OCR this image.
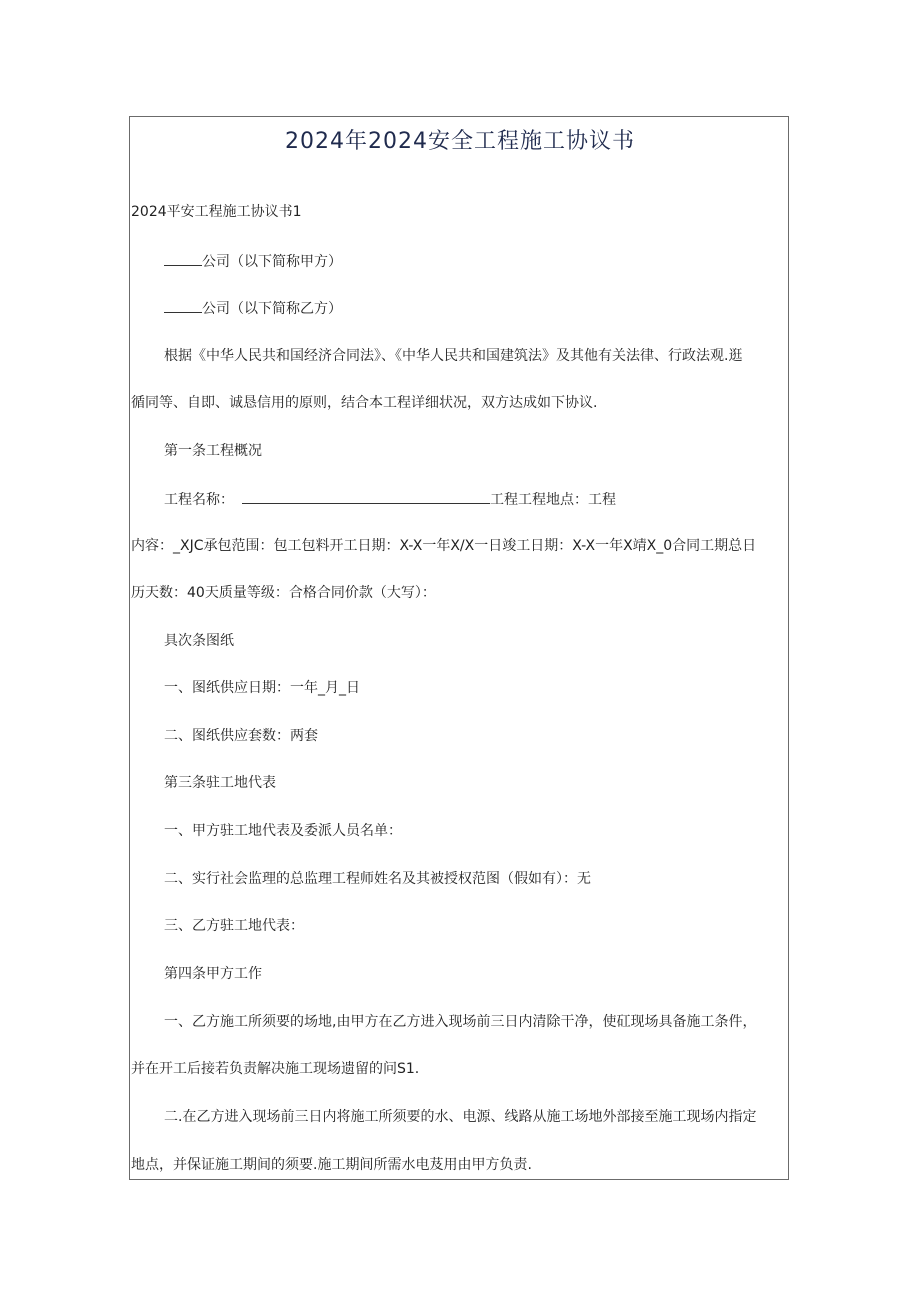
2024年2024安全工程施工协议书
2024平安工程施工协议书1
公司（以下简称甲方）
公司（以下简称乙方）
根据《中华人民共和国经济合同法》、《中华人民共和国建筑法》及其他有关法律、行政法观.逛
循同等、自即、诚恳信用的原则，结合本工程详细状况，双方达成如下协议.
第一条工程概况
工程名称：	工程工程地点：工程
内容：_XJC承包范围：包工包料开工日期：X-X一年X/X一日竣工日期：X-X一年X靖X_0合同工期总日
历天数：40天质量等级：合格合同价款（大写）：
具次条图纸
一、图纸供应日期：一年_月_日
二、图纸供应套数：两套
第三条驻工地代表
一、甲方驻工地代表及委派人员名单：
二、实行社会监理的总监理工程师姓名及其被授权范图（假如有）：无
三、乙方驻工地代表：
第四条甲方工作
一、乙方施工所须要的场地,由甲方在乙方进入现场前三日内清除干净，使矼现场具备施工条件，
并在开工后接若负责解决施工现场遗留的问S1.
二.在乙方进入现场前三日内将施工所须要的水、电源、线路从施工场地外部接至施工现场内指定
地点，并保证施工期间的须要.施工期间所需水电芨用由甲方负责.
